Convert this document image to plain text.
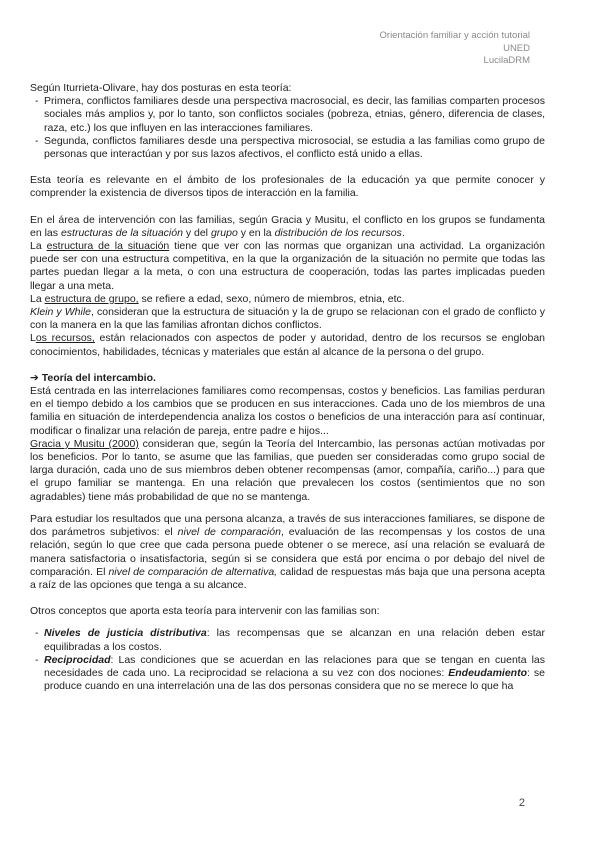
Orientación familiar y acción tutorial
UNED
LucilaDRM

Según Iturrieta-Olivare, hay dos posturas en esta teoría:

- Primera, conflictos familiares desde una perspectiva macrosocial, es decir, las familias comparten procesos sociales más amplios y, por lo tanto, son conflictos sociales (pobreza, etnias, género, diferencia de clases, raza, etc.) los que influyen en las interacciones familiares.
- Segunda, conflictos familiares desde una perspectiva microsocial, se estudia a las familias como grupo de personas que interactúan y por sus lazos afectivos, el conflicto está unido a ellas.

Esta teoría es relevante en el ámbito de los profesionales de la educación ya que permite conocer y comprender la existencia de diversos tipos de interacción en la familia.

En el área de intervención con las familias, según Gracia y Musitu, el conflicto en los grupos se fundamenta en las estructuras de la situación y del grupo y en la distribución de los recursos.

La estructura de la situación tiene que ver con las normas que organizan una actividad. La organización puede ser con una estructura competitiva, en la que la organización de la situación no permite que todas las partes puedan llegar a la meta, o con una estructura de cooperación, todas las partes implicadas pueden llegar a una meta.

La estructura de grupo, se refiere a edad, sexo, número de miembros, etnia, etc.

Klein y While, consideran que la estructura de situación y la de grupo se relacionan con el grado de conflicto y con la manera en la que las familias afrontan dichos conflictos.

Los recursos, están relacionados con aspectos de poder y autoridad, dentro de los recursos se engloban conocimientos, habilidades, técnicas y materiales que están al alcance de la persona o del grupo.

➔ Teoría del intercambio.

Está centrada en las interrelaciones familiares como recompensas, costos y beneficios. Las familias perduran en el tiempo debido a los cambios que se producen en sus interacciones. Cada uno de los miembros de una familia en situación de interdependencia analiza los costos o beneficios de una interacción para así continuar, modificar o finalizar una relación de pareja, entre padre e hijos...

Gracia y Musitu (2000) consideran que, según la Teoría del Intercambio, las personas actúan motivadas por los beneficios. Por lo tanto, se asume que las familias, que pueden ser consideradas como grupo social de larga duración, cada uno de sus miembros deben obtener recompensas (amor, compañía, cariño...) para que el grupo familiar se mantenga. En una relación que prevalecen los costos (sentimientos que no son agradables) tiene más probabilidad de que no se mantenga.

Para estudiar los resultados que una persona alcanza, a través de sus interacciones familiares, se dispone de dos parámetros subjetivos: el nivel de comparación, evaluación de las recompensas y los costos de una relación, según lo que cree que cada persona puede obtener o se merece, así una relación se evaluará de manera satisfactoria o insatisfactoria, según si se considera que está por encima o por debajo del nivel de comparación. El nivel de comparación de alternativa, calidad de respuestas más baja que una persona acepta a raíz de las opciones que tenga a su alcance.

Otros conceptos que aporta esta teoría para intervenir con las familias son:

- Niveles de justicia distributiva: las recompensas que se alcanzan en una relación deben estar equilibradas a los costos.
- Reciprocidad: Las condiciones que se acuerdan en las relaciones para que se tengan en cuenta las necesidades de cada uno. La reciprocidad se relaciona a su vez con dos nociones: Endeudamiento: se produce cuando en una interrelación una de las dos personas considera que no se merece lo que ha
2
